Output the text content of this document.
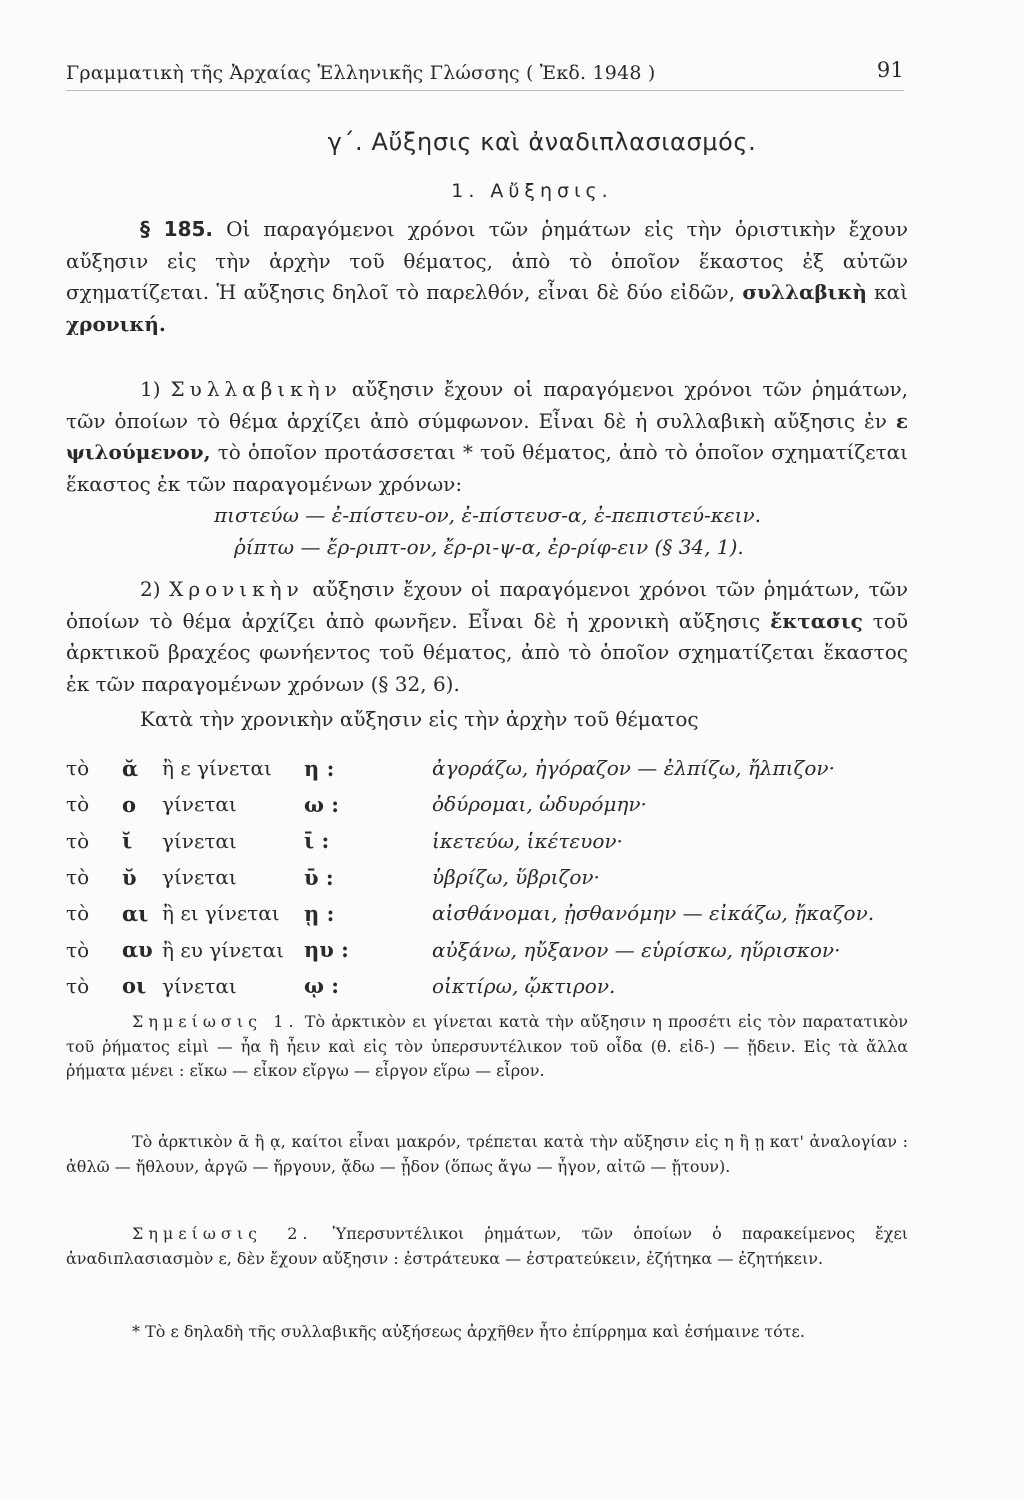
Γραμματικὴ τῆς Ἀρχαίας Ἑλληνικῆς Γλώσσης ( Ἐκδ. 1948 )	91
γ΄. Αὔξησις καὶ ἀναδιπλασιασμός.
1. Αὔξησις.
§ 185. Οἱ παραγόμενοι χρόνοι τῶν ῥημάτων εἰς τὴν ὁριστικὴν ἔχουν αὔξησιν εἰς τὴν ἀρχὴν τοῦ θέματος, ἀπὸ τὸ ὁποῖον ἕκαστος ἐξ αὐτῶν σχηματίζεται. Ἡ αὔξησις δηλοῖ τὸ παρελθόν, εἶναι δὲ δύο εἰδῶν, συλλαβικὴ καὶ χρονική.
1) Συλλαβικὴν αὔξησιν ἔχουν οἱ παραγόμενοι χρόνοι τῶν ῥημάτων, τῶν ὁποίων τὸ θέμα ἀρχίζει ἀπὸ σύμφωνον. Εἶναι δὲ ἡ συλλαβικὴ αὔξησις ἐν ε ψιλούμενον, τὸ ὁποῖον προτάσσεται * τοῦ θέματος, ἀπὸ τὸ ὁποῖον σχηματίζεται ἕκαστος ἐκ τῶν παραγομένων χρόνων:
πιστεύω — ἐ-πίστευ-ον, ἐ-πίστευσ-α, ἐ-πεπιστεύ-κειν.
ῥίπτω — ἔρ-ριπτ-ον, ἔρ-ρι-ψ-α, ἐρ-ρίφ-ειν (§ 34, 1).
2) Χρονικὴν αὔξησιν ἔχουν οἱ παραγόμενοι χρόνοι τῶν ῥημάτων, τῶν ὁποίων τὸ θέμα ἀρχίζει ἀπὸ φωνῆεν. Εἶναι δὲ ἡ χρονικὴ αὔξησις ἔκτασις τοῦ ἀρκτικοῦ βραχέος φωνήεντος τοῦ θέματος, ἀπὸ τὸ ὁποῖον σχηματίζεται ἕκαστος ἐκ τῶν παραγομένων χρόνων (§ 32, 6).
Κατὰ τὴν χρονικὴν αὔξησιν εἰς τὴν ἀρχὴν τοῦ θέματος
τὸ	ᾰ	ἢ ε γίνεται	η :	ἀγοράζω, ἠγόραζον — ἐλπίζω, ἤλπιζον·
τὸ	ο	γίνεται	ω :	ὀδύρομαι, ὠδυρόμην·
τὸ	ῐ	γίνεται	ῑ :	ἱκετεύω, ἱκέτευον·
τὸ	ῠ	γίνεται	ῡ :	ὑβρίζω, ὕβριζον·
τὸ	αι	ἢ ει γίνεται	ῃ :	αἰσθάνομαι, ᾐσθανόμην — εἰκάζω, ᾔκαζον.
τὸ	αυ	ἢ ευ γίνεται	ηυ :	αὐξάνω, ηὔξανον — εὑρίσκω, ηὕρισκον·
τὸ	οι	γίνεται	ῳ :	οἰκτίρω, ᾤκτιρον.
Σημείωσις 1. Τὸ ἀρκτικὸν ει γίνεται κατὰ τὴν αὔξησιν η προσέτι εἰς τὸν παρατατικὸν τοῦ ῥήματος εἰμὶ — ἦα ἢ ἦειν καὶ εἰς τὸν ὑπερσυντέλικον τοῦ οἶδα (θ. εἰδ-) — ᾔδειν. Εἰς τὰ ἄλλα ῥήματα μένει : εἴκω — εἶκον εἴργω — εἶργον εἵρω — εἶρον.
Τὸ ἀρκτικὸν ᾱ ἢ ᾳ, καίτοι εἶναι μακρόν, τρέπεται κατὰ τὴν αὔξησιν εἰς η ἢ ῃ κατ' ἀναλογίαν : ἀθλῶ — ἤθλουν, ἀργῶ — ἤργουν, ᾄδω — ᾖδον (ὅπως ἄγω — ἦγον, αἰτῶ — ᾔτουν).
Σημείωσις 2. Ὑπερσυντέλικοι ῥημάτων, τῶν ὁποίων ὁ παρακείμενος ἔχει ἀναδιπλασιασμὸν ε, δὲν ἔχουν αὔξησιν : ἐστράτευκα — ἐστρατεύκειν, ἐζήτηκα — ἐζητήκειν.
* Τὸ ε δηλαδὴ τῆς συλλαβικῆς αὐξήσεως ἀρχῆθεν ἦτο ἐπίρρημα καὶ ἐσήμαινε τότε.
